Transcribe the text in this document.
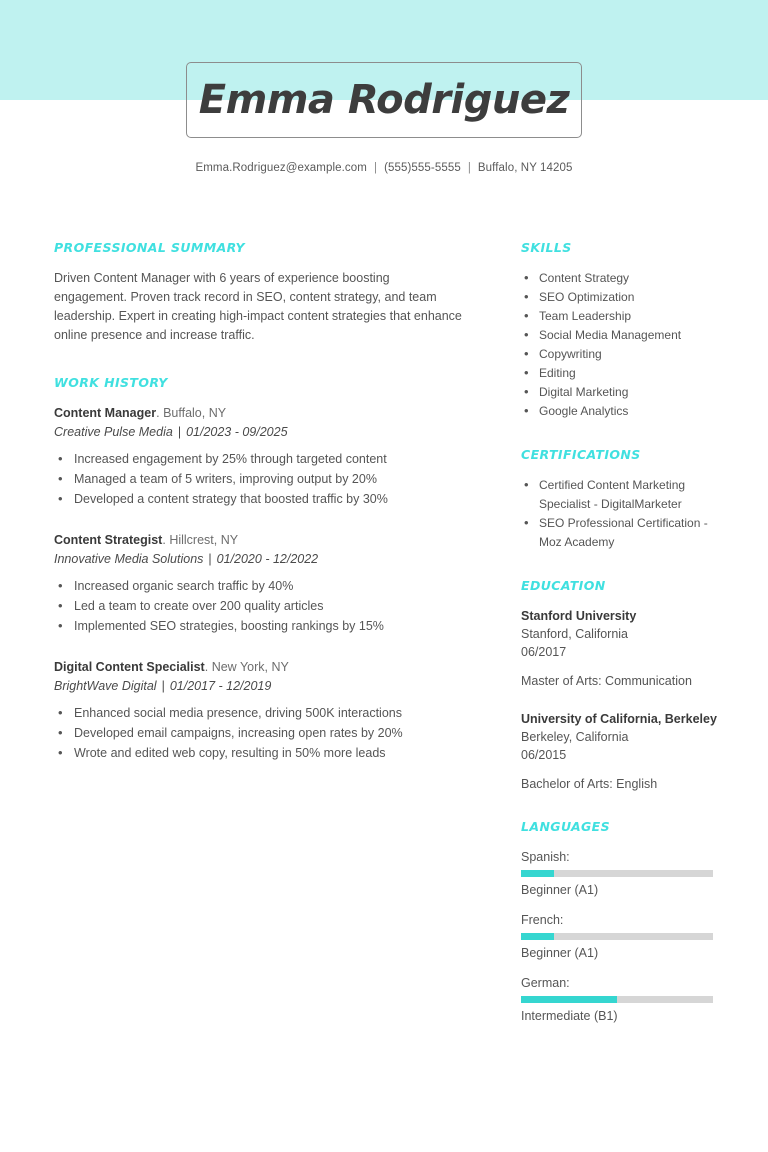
Emma Rodriguez
Emma.Rodriguez@example.com | (555)555-5555 | Buffalo, NY 14205
PROFESSIONAL SUMMARY

Driven Content Manager with 6 years of experience boosting engagement. Proven track record in SEO, content strategy, and team leadership. Expert in creating high-impact content strategies that enhance online presence and increase traffic.

WORK HISTORY
Content Manager. Buffalo, NY
Creative Pulse Media | 01/2023 - 09/2025
• Increased engagement by 25% through targeted content
• Managed a team of 5 writers, improving output by 20%
• Developed a content strategy that boosted traffic by 30%
Content Strategist. Hillcrest, NY
Innovative Media Solutions | 01/2020 - 12/2022
• Increased organic search traffic by 40%
• Led a team to create over 200 quality articles
• Implemented SEO strategies, boosting rankings by 15%
Digital Content Specialist. New York, NY
BrightWave Digital | 01/2017 - 12/2019
• Enhanced social media presence, driving 500K interactions
• Developed email campaigns, increasing open rates by 20%
• Wrote and edited web copy, resulting in 50% more leads
SKILLS
• Content Strategy
• SEO Optimization
• Team Leadership
• Social Media Management
• Copywriting
• Editing
• Digital Marketing
• Google Analytics
CERTIFICATIONS
• Certified Content Marketing Specialist - DigitalMarketer
• SEO Professional Certification - Moz Academy
EDUCATION
Stanford University
Stanford, California
06/2017
Master of Arts: Communication
University of California, Berkeley
Berkeley, California
06/2015
Bachelor of Arts: English
LANGUAGES
Spanish:
Beginner (A1)
French:
Beginner (A1)
German:
Intermediate (B1)
